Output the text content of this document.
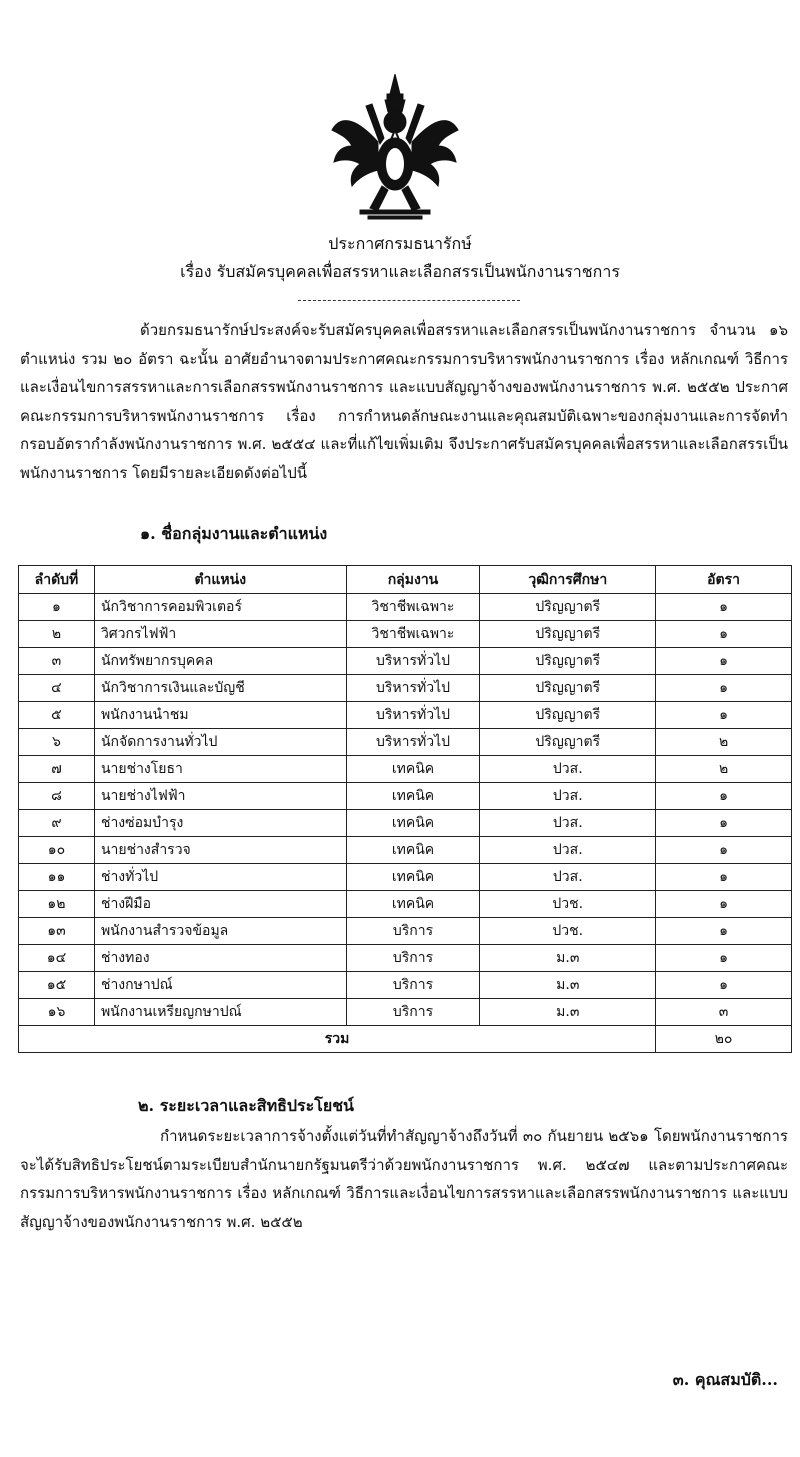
ประกาศกรมธนารักษ์
เรื่อง รับสมัครบุคคลเพื่อสรรหาและเลือกสรรเป็นพนักงานราชการ
ด้วยกรมธนารักษ์ประสงค์จะรับสมัครบุคคลเพื่อสรรหาและเลือกสรรเป็นพนักงานราชการ จำนวน ๑๖ ตำแหน่ง รวม ๒๐ อัตรา ฉะนั้น อาศัยอำนาจตามประกาศคณะกรรมการบริหารพนักงานราชการ เรื่อง หลักเกณฑ์ วิธีการและเงื่อนไขการสรรหาและการเลือกสรรพนักงานราชการ และแบบสัญญาจ้างของพนักงานราชการ พ.ศ. ๒๕๕๒ ประกาศคณะกรรมการบริหารพนักงานราชการ เรื่อง การกำหนดลักษณะงานและคุณสมบัติเฉพาะของกลุ่มงานและการจัดทำกรอบอัตรากำลังพนักงานราชการ พ.ศ. ๒๕๕๔ และที่แก้ไขเพิ่มเติม จึงประกาศรับสมัครบุคคลเพื่อสรรหาและเลือกสรรเป็นพนักงานราชการ โดยมีรายละเอียดดังต่อไปนี้
๑. ชื่อกลุ่มงานและตำแหน่ง
ลำดับที่	ตำแหน่ง	กลุ่มงาน	วุฒิการศึกษา	อัตรา
๑	นักวิชาการคอมพิวเตอร์	วิชาชีพเฉพาะ	ปริญญาตรี	๑
๒	วิศวกรไฟฟ้า	วิชาชีพเฉพาะ	ปริญญาตรี	๑
๓	นักทรัพยากรบุคคล	บริหารทั่วไป	ปริญญาตรี	๑
๔	นักวิชาการเงินและบัญชี	บริหารทั่วไป	ปริญญาตรี	๑
๕	พนักงานนำชม	บริหารทั่วไป	ปริญญาตรี	๑
๖	นักจัดการงานทั่วไป	บริหารทั่วไป	ปริญญาตรี	๒
๗	นายช่างโยธา	เทคนิค	ปวส.	๒
๘	นายช่างไฟฟ้า	เทคนิค	ปวส.	๑
๙	ช่างซ่อมบำรุง	เทคนิค	ปวส.	๑
๑๐	นายช่างสำรวจ	เทคนิค	ปวส.	๑
๑๑	ช่างทั่วไป	เทคนิค	ปวส.	๑
๑๒	ช่างฝีมือ	เทคนิค	ปวช.	๑
๑๓	พนักงานสำรวจข้อมูล	บริการ	ปวช.	๑
๑๔	ช่างทอง	บริการ	ม.๓	๑
๑๕	ช่างกษาปณ์	บริการ	ม.๓	๑
๑๖	พนักงานเหรียญกษาปณ์	บริการ	ม.๓	๓
รวม				๒๐
๒. ระยะเวลาและสิทธิประโยชน์
กำหนดระยะเวลาการจ้างตั้งแต่วันที่ทำสัญญาจ้างถึงวันที่ ๓๐ กันยายน ๒๕๖๑ โดยพนักงานราชการจะได้รับสิทธิประโยชน์ตามระเบียบสำนักนายกรัฐมนตรีว่าด้วยพนักงานราชการ พ.ศ. ๒๕๔๗ และตามประกาศคณะกรรมการบริหารพนักงานราชการ เรื่อง หลักเกณฑ์ วิธีการและเงื่อนไขการสรรหาและเลือกสรรพนักงานราชการ และแบบสัญญาจ้างของพนักงานราชการ พ.ศ. ๒๕๕๒
๓. คุณสมบัติ...
